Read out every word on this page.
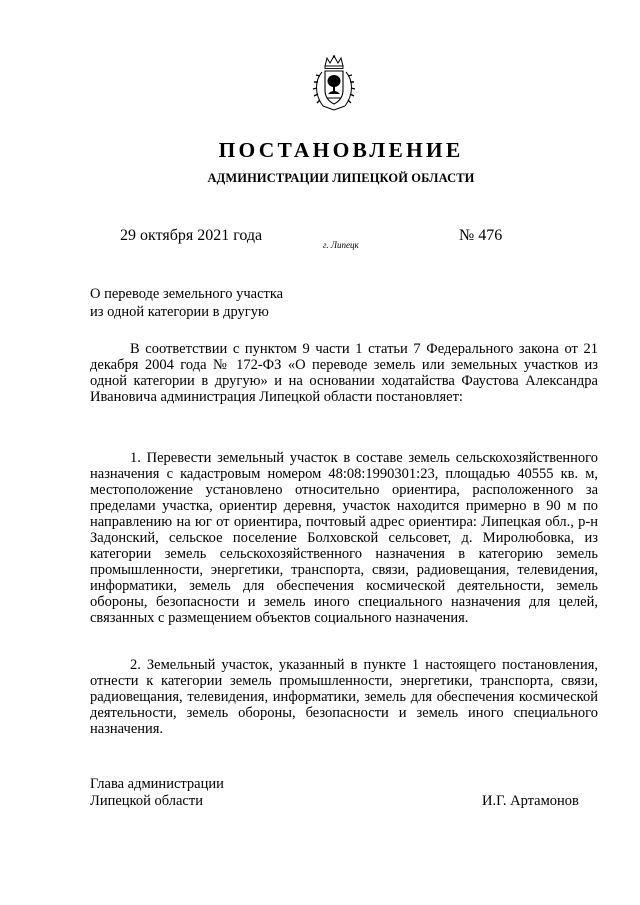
ПОСТАНОВЛЕНИЕ
АДМИНИСТРАЦИИ ЛИПЕЦКОЙ ОБЛАСТИ
29 октября 2021 года
г. Липецк
№ 476
О переводе земельного участка
из одной категории в другую
В соответствии с пунктом 9 части 1 статьи 7 Федерального закона от 21 декабря 2004 года № 172-ФЗ «О переводе земель или земельных участков из одной категории в другую» и на основании ходатайства Фаустова Александра Ивановича администрация Липецкой области постановляет:
1. Перевести земельный участок в составе земель сельскохозяйственного назначения с кадастровым номером 48:08:1990301:23, площадью 40555 кв. м, местоположение установлено относительно ориентира, расположенного за пределами участка, ориентир деревня, участок находится примерно в 90 м по направлению на юг от ориентира, почтовый адрес ориентира: Липецкая обл., р-н Задонский, сельское поселение Болховской сельсовет, д. Миролюбовка, из категории земель сельскохозяйственного назначения в категорию земель промышленности, энергетики, транспорта, связи, радиовещания, телевидения, информатики, земель для обеспечения космической деятельности, земель обороны, безопасности и земель иного специального назначения для целей, связанных с размещением объектов социального назначения.
2. Земельный участок, указанный в пункте 1 настоящего постановления, отнести к категории земель промышленности, энергетики, транспорта, связи, радиовещания, телевидения, информатики, земель для обеспечения космической деятельности, земель обороны, безопасности и земель иного специального назначения.
Глава администрации
Липецкой области	И.Г. Артамонов
